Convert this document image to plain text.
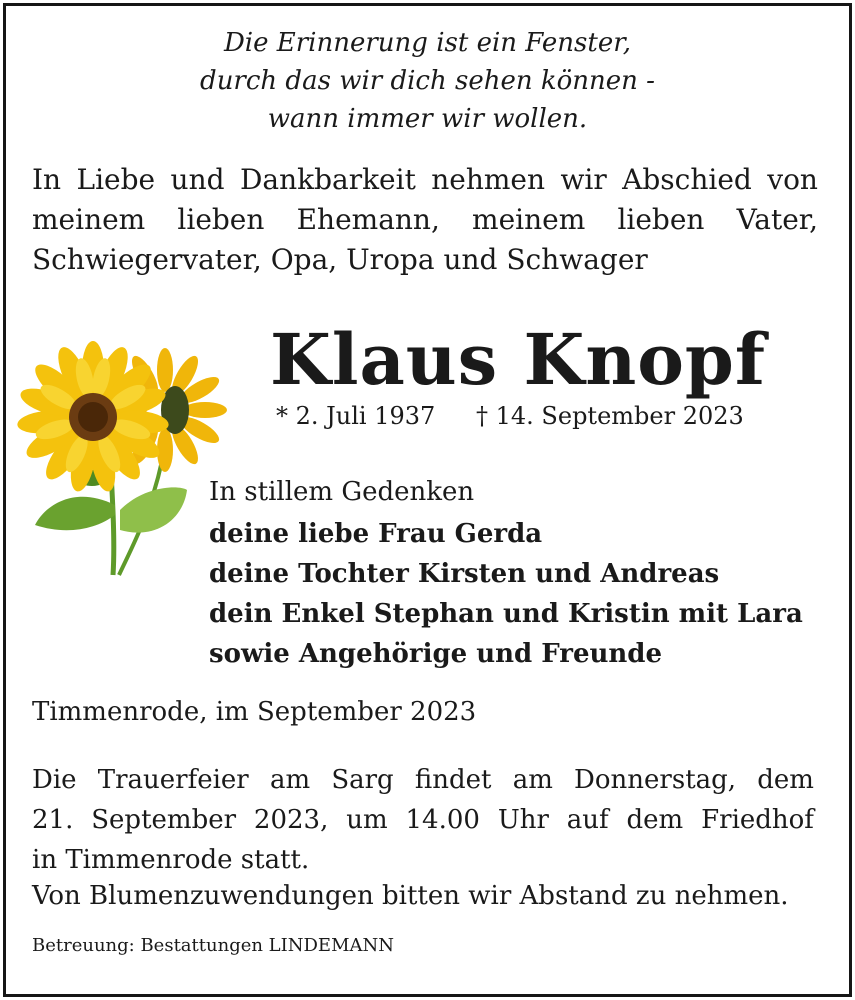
Die Erinnerung ist ein Fenster,
durch das wir dich sehen können -
wann immer wir wollen.
In Liebe und Dankbarkeit nehmen wir Abschied von
meinem lieben Ehemann, meinem lieben Vater,
Schwiegervater, Opa, Uropa und Schwager
Klaus Knopf
* 2. Juli 1937 † 14. September 2023
In stillem Gedenken
deine liebe Frau Gerda
deine Tochter Kirsten und Andreas
dein Enkel Stephan und Kristin mit Lara
sowie Angehörige und Freunde
Timmenrode, im September 2023
Die Trauerfeier am Sarg findet am Donnerstag, dem
21. September 2023, um 14.00 Uhr auf dem Friedhof
in Timmenrode statt.
Von Blumenzuwendungen bitten wir Abstand zu nehmen.
Betreuung: Bestattungen LINDEMANN
